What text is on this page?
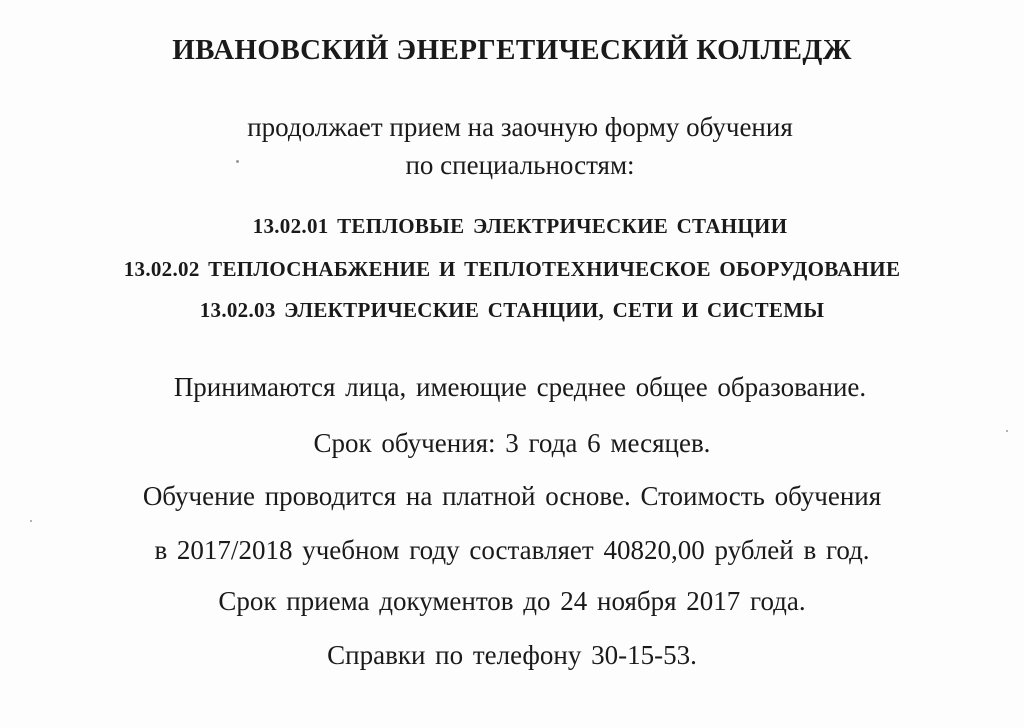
ИВАНОВСКИЙ ЭНЕРГЕТИЧЕСКИЙ КОЛЛЕДЖ
продолжает прием на заочную форму обучения
по специальностям:
13.02.01 ТЕПЛОВЫЕ ЭЛЕКТРИЧЕСКИЕ СТАНЦИИ
13.02.02 ТЕПЛОСНАБЖЕНИЕ И ТЕПЛОТЕХНИЧЕСКОЕ ОБОРУДОВАНИЕ
13.02.03 ЭЛЕКТРИЧЕСКИЕ СТАНЦИИ, СЕТИ И СИСТЕМЫ
Принимаются лица, имеющие среднее общее образование.
Срок обучения: 3 года 6 месяцев.
Обучение проводится на платной основе. Стоимость обучения
в 2017/2018 учебном году составляет 40820,00 рублей в год.
Срок приема документов до 24 ноября 2017 года.
Справки по телефону 30-15-53.
